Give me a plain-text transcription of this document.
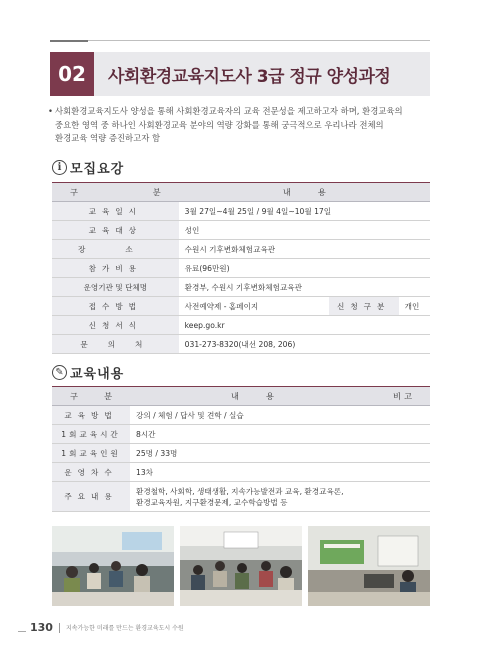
02	사회환경교육지도사 3급 정규 양성과정
• 사회환경교육지도사 양성을 통해 사회환경교육자의 교육 전문성을 제고하고자 하며, 환경교육의
중요한 영역 중 하나인 사회환경교육 분야의 역량 강화를 통해 궁극적으로 우리나라 전체의
환경교육 역량 증진하고자 함
i 모집요강
구 분	내 용		

교육일시	3월 27일~4월 25일 / 9월 4일~10월 17일		
교육대상	성인		
장소	수원시 기후변화체험교육관		
참가비용	유료(96만원)		
운영기관 및 단체명	환경부, 수원시 기후변화체험교육관		
접수방법	사전예약제 - 홈페이지	신청구분	개인
신청서식	keep.go.kr		
문의처	031-273-8320(내선 208, 206)		
✎ 교육내용
구 분	내 용	비 고

교육방법	강의 / 체험 / 답사 및 견학 / 실습	
1회교육시간	8시간	
1회교육인원	25명 / 33명	
운영차수	13차	
주요내용	환경철학, 사회학, 생태생활, 지속가능발전과 교육, 환경교육론,
환경교육자원, 지구환경문제, 교수학습방법 등	

130 지속가능한 미래를 만드는 환경교육도시 수원
